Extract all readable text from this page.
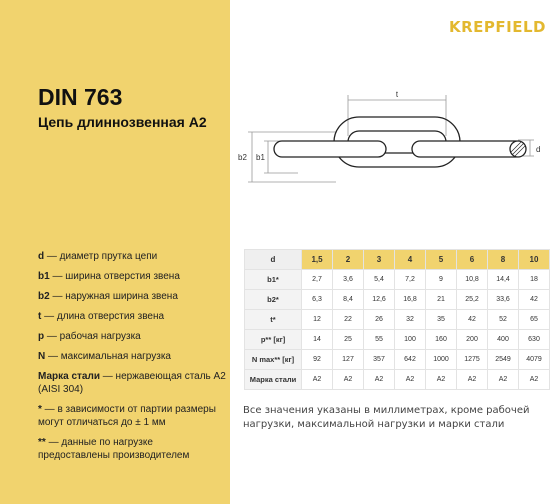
KREPFIELD
DIN 763
Цепь длиннозвенная A2
t
b2 b1
d
d — диаметр прутка цепи
b1 — ширина отверстия звена
b2 — наружная ширина звена
t — длина отверстия звена
p — рабочая нагрузка
N — максимальная нагрузка
Марка стали — нержавеющая сталь A2 (AISI 304)
* — в зависимости от партии размеры могут отличаться до ± 1 мм
** — данные по нагрузке предоставлены производителем
d	1,5	2	3	4	5	6	8	10
b1*	2,7	3,6	5,4	7,2	9	10,8	14,4	18
b2*	6,3	8,4	12,6	16,8	21	25,2	33,6	42
t*	12	22	26	32	35	42	52	65
p** [кг]	14	25	55	100	160	200	400	630
N max** [кг]	92	127	357	642	1000	1275	2549	4079
Марка стали	A2	A2	A2	A2	A2	A2	A2	A2
Все значения указаны в миллиметрах, кроме рабочей нагрузки, максимальной нагрузки и марки стали
